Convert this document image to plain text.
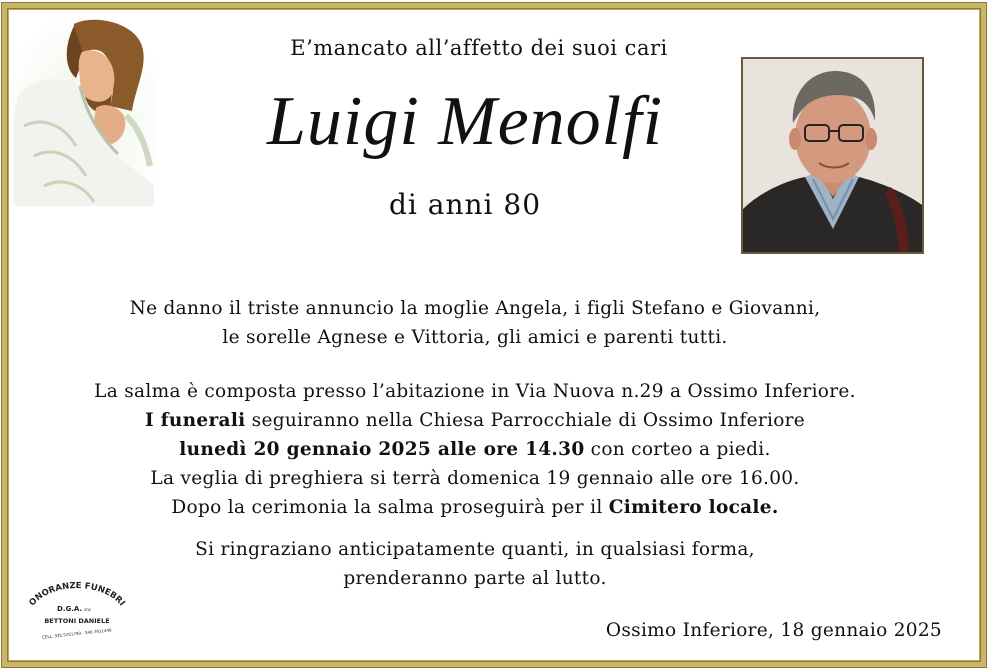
E’mancato all’affetto dei suoi cari
Luigi Menolfi
di anni 80
Ne danno il triste annuncio la moglie Angela, i figli Stefano e Giovanni,
le sorelle Agnese e Vittoria, gli amici e parenti tutti.
La salma è composta presso l’abitazione in Via Nuova n.29 a Ossimo Inferiore.
I funerali seguiranno nella Chiesa Parrocchiale di Ossimo Inferiore
lunedì 20 gennaio 2025 alle ore 14.30 con corteo a piedi.
La veglia di preghiera si terrà domenica 19 gennaio alle ore 16.00.
Dopo la cerimonia la salma proseguirà per il Cimitero locale.
Si ringraziano anticipatamente quanti, in qualsiasi forma,
prenderanno parte al lutto.
Ossimo Inferiore, 18 gennaio 2025
ONORANZE FUNEBRI
D.G.A. snc
BETTONI DANIELE
CELL. 335.5251793 - 340.7911446
